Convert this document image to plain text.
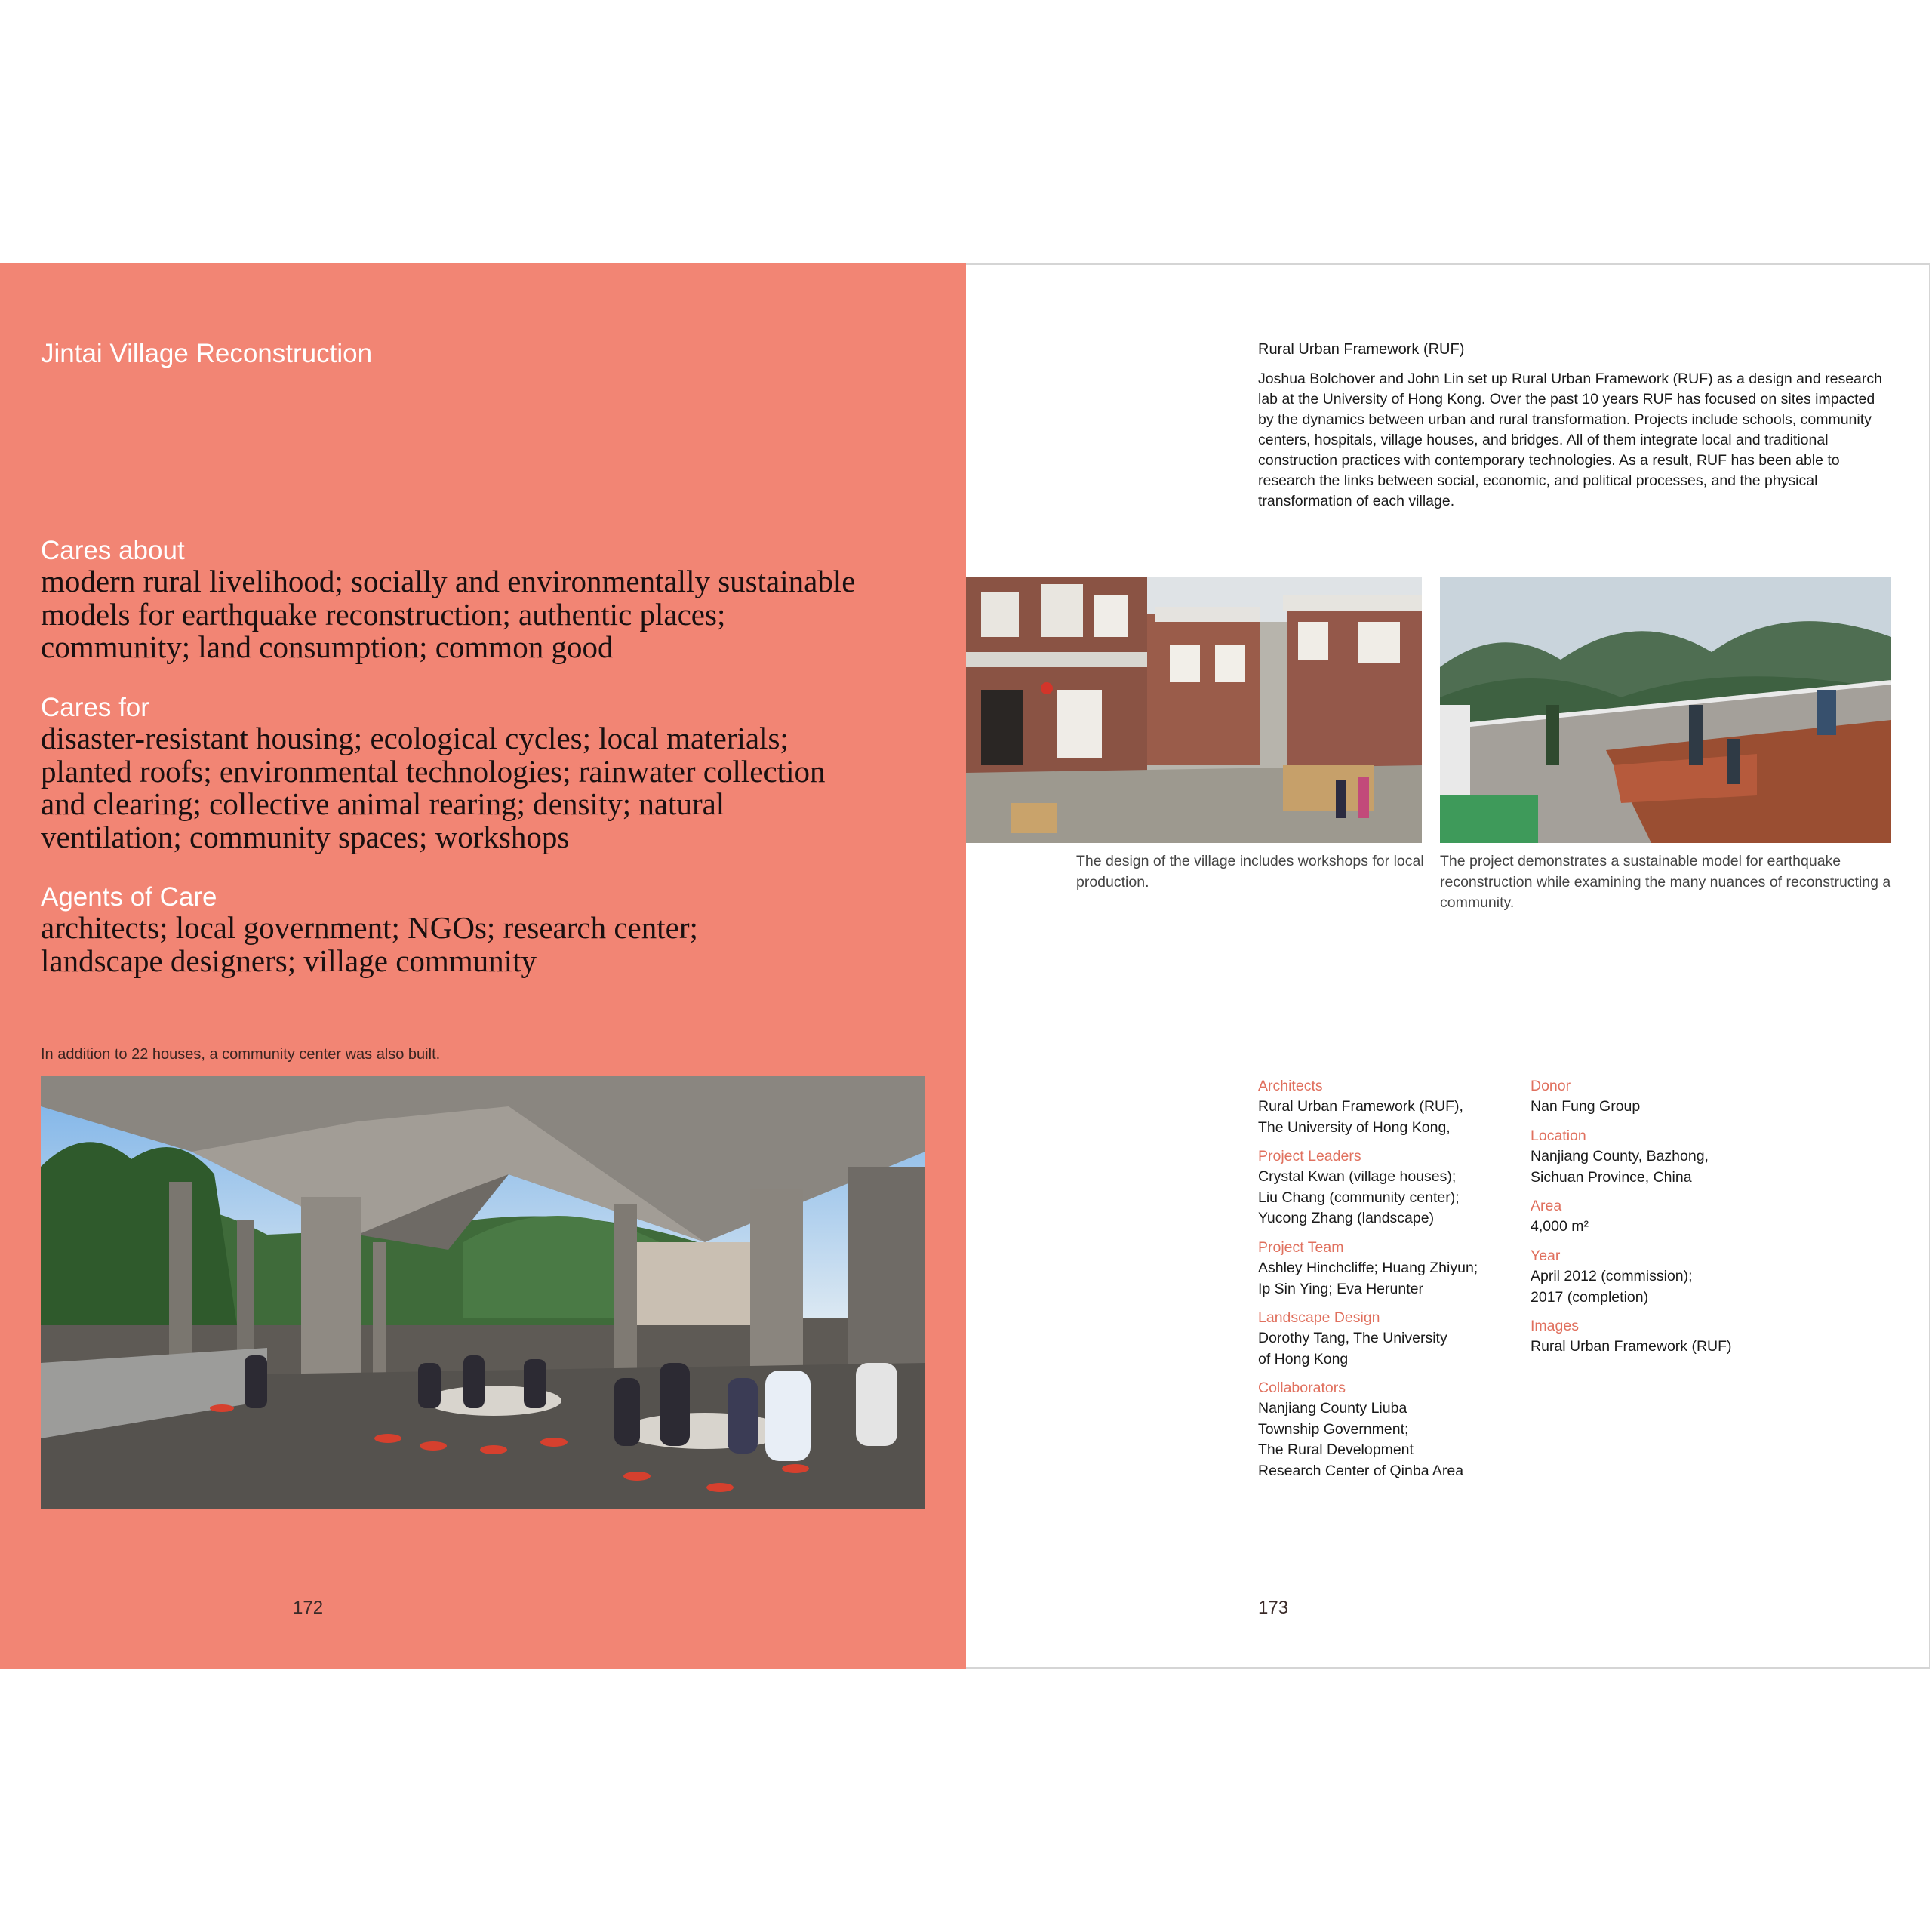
Jintai Village Reconstruction
Cares about
modern rural livelihood; socially and environmentally sustainable models for earthquake reconstruction; authentic places; community; land consumption; common good
Cares for
disaster-resistant housing; ecological cycles; local materials; planted roofs; environmental technologies; rainwater collection and clearing; collective animal rearing; density; natural ventilation; community spaces; workshops
Agents of Care
architects; local government; NGOs; research center; landscape designers; village community
In addition to 22 houses, a community center was also built.
172
Rural Urban Framework (RUF)
Joshua Bolchover and John Lin set up Rural Urban Framework (RUF) as a design and research lab at the University of Hong Kong. Over the past 10 years RUF has focused on sites impacted by the dynamics between urban and rural transformation. Projects include schools, community centers, hospitals, village houses, and bridges. All of them integrate local and traditional construction practices with contemporary technologies. As a result, RUF has been able to research the links between social, economic, and political processes, and the physical transformation of each village.
The design of the village includes workshops for local production.
The project demonstrates a sustainable model for earthquake reconstruction while examining the many nuances of reconstructing a community.
Architects
Rural Urban Framework (RUF),
The University of Hong Kong,
Project Leaders
Crystal Kwan (village houses);
Liu Chang (community center);
Yucong Zhang (landscape)
Project Team
Ashley Hinchcliffe; Huang Zhiyun;
Ip Sin Ying; Eva Herunter
Landscape Design
Dorothy Tang, The University
of Hong Kong
Collaborators
Nanjiang County Liuba
Township Government;
The Rural Development
Research Center of Qinba Area
Donor
Nan Fung Group
Location
Nanjiang County, Bazhong,
Sichuan Province, China
Area
4,000 m²
Year
April 2012 (commission);
2017 (completion)
Images
Rural Urban Framework (RUF)
173
